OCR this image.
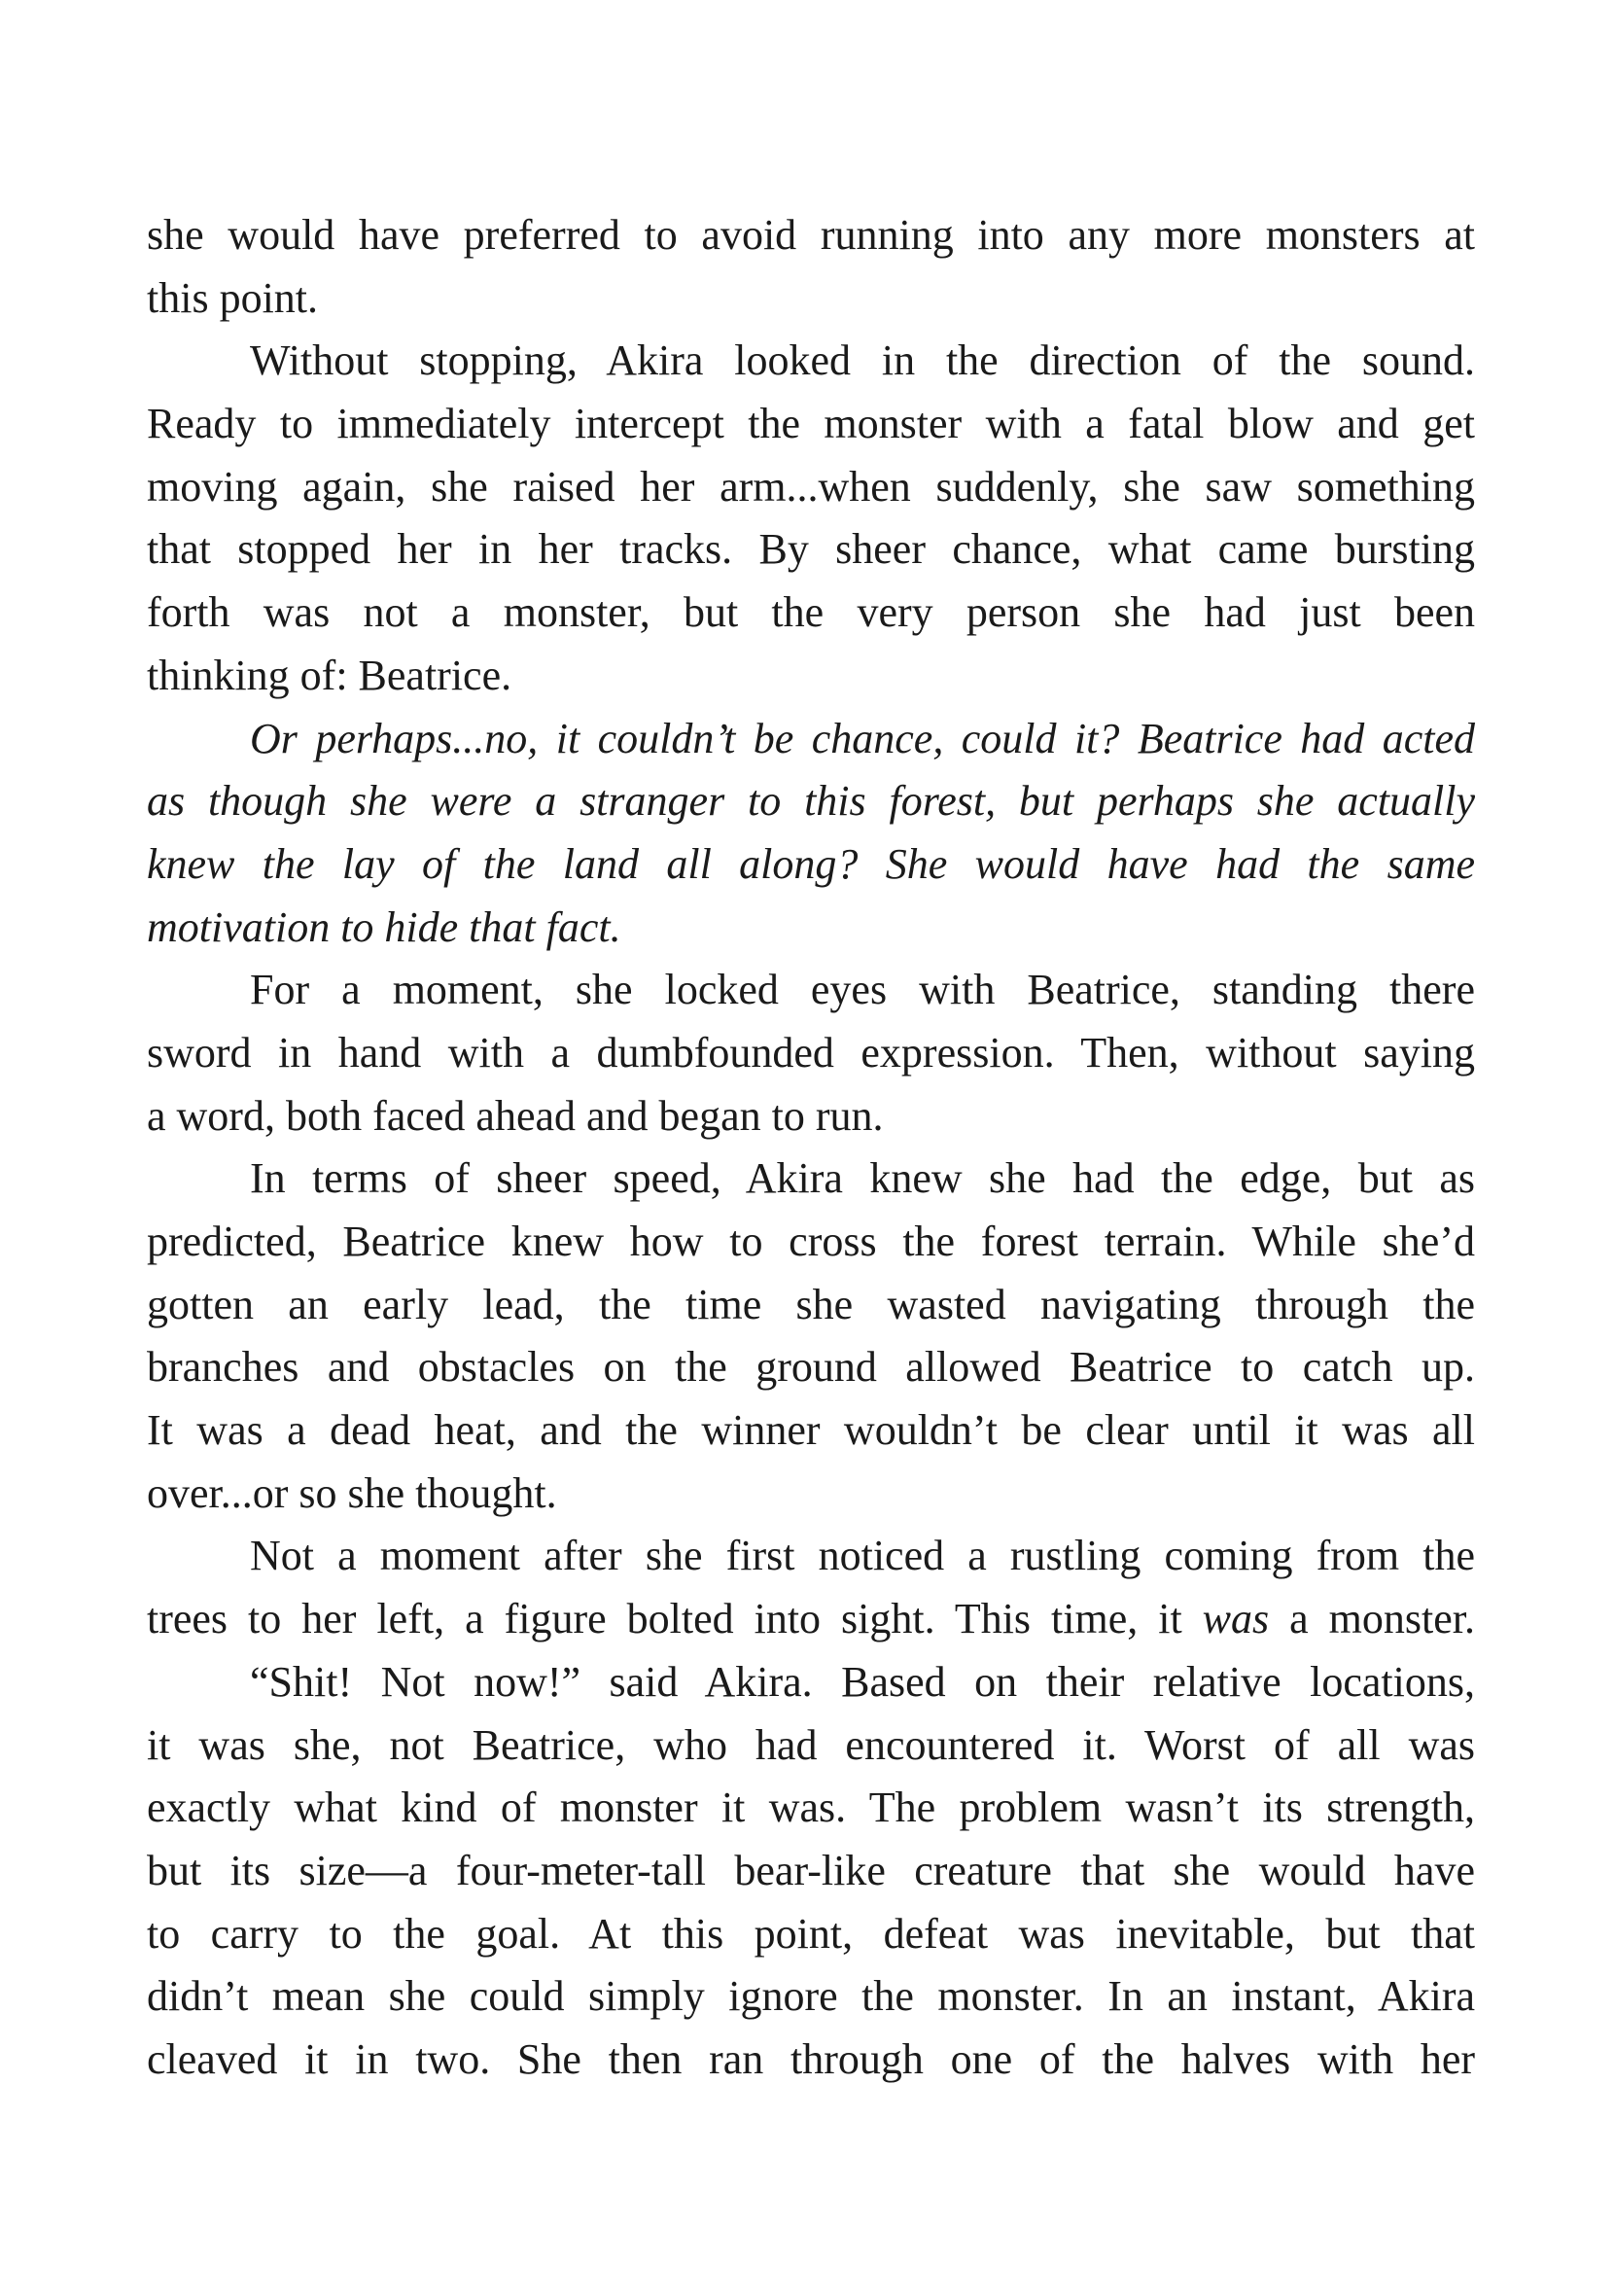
she would have preferred to avoid running into any more monsters at
this point.
Without stopping, Akira looked in the direction of the sound.
Ready to immediately intercept the monster with a fatal blow and get
moving again, she raised her arm...when suddenly, she saw something
that stopped her in her tracks. By sheer chance, what came bursting
forth was not a monster, but the very person she had just been
thinking of: Beatrice.
Or perhaps...no, it couldn’t be chance, could it? Beatrice had acted
as though she were a stranger to this forest, but perhaps she actually
knew the lay of the land all along? She would have had the same
motivation to hide that fact.
For a moment, she locked eyes with Beatrice, standing there
sword in hand with a dumbfounded expression. Then, without saying
a word, both faced ahead and began to run.
In terms of sheer speed, Akira knew she had the edge, but as
predicted, Beatrice knew how to cross the forest terrain. While she’d
gotten an early lead, the time she wasted navigating through the
branches and obstacles on the ground allowed Beatrice to catch up.
It was a dead heat, and the winner wouldn’t be clear until it was all
over...or so she thought.
Not a moment after she first noticed a rustling coming from the
trees to her left, a figure bolted into sight. This time, it was a monster.
“Shit! Not now!” said Akira. Based on their relative locations,
it was she, not Beatrice, who had encountered it. Worst of all was
exactly what kind of monster it was. The problem wasn’t its strength,
but its size—a four-meter-tall bear-like creature that she would have
to carry to the goal. At this point, defeat was inevitable, but that
didn’t mean she could simply ignore the monster. In an instant, Akira
cleaved it in two. She then ran through one of the halves with her
